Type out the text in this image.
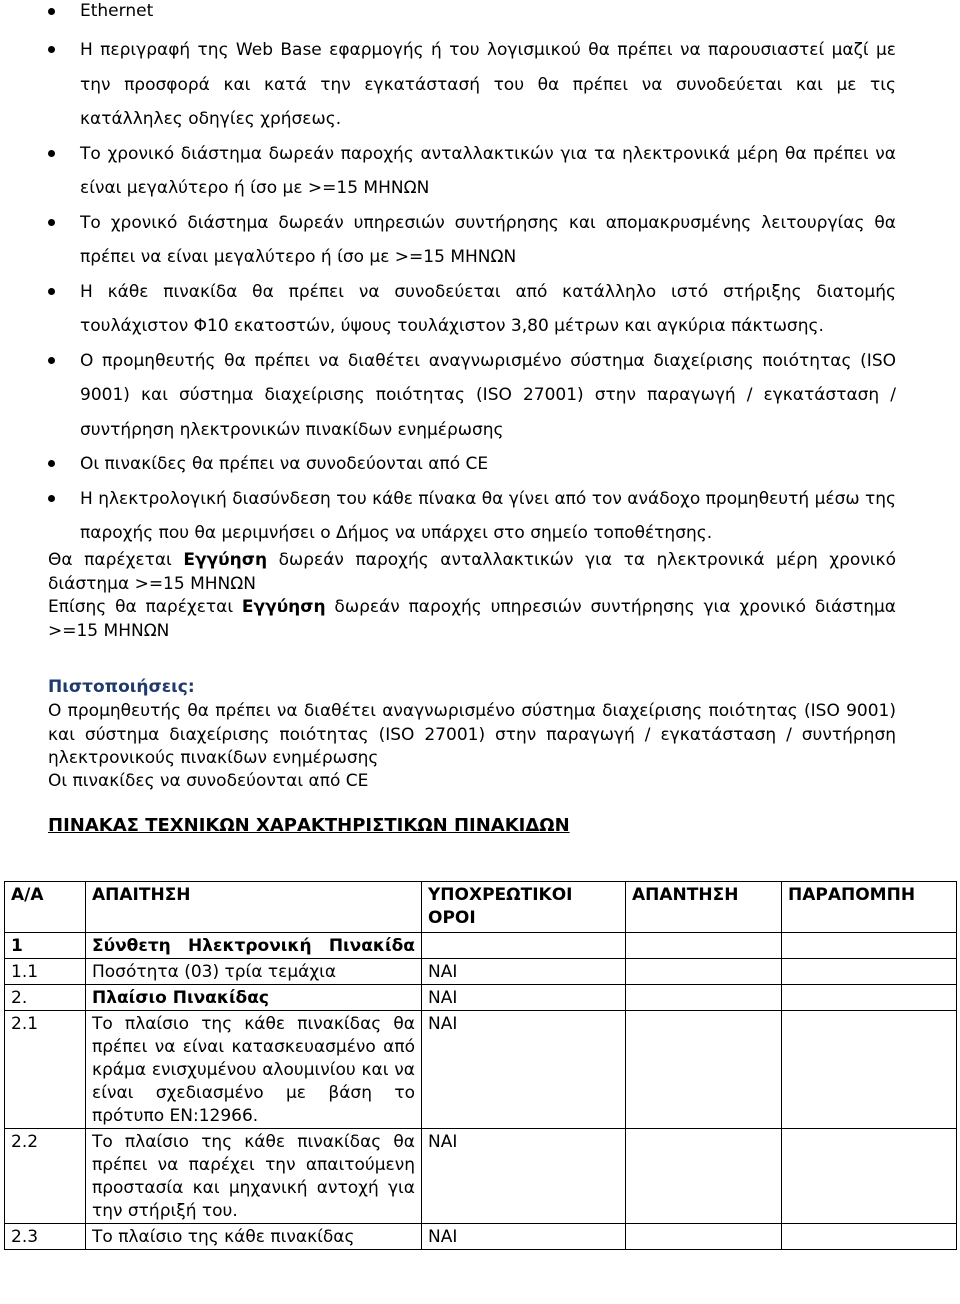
Ethernet
Η περιγραφή της Web Base εφαρμογής ή του λογισμικού θα πρέπει να παρουσιαστεί μαζί με την προσφορά και κατά την εγκατάστασή του θα πρέπει να συνοδεύεται και με τις κατάλληλες οδηγίες χρήσεως.
Το χρονικό διάστημα δωρεάν παροχής ανταλλακτικών για τα ηλεκτρονικά μέρη θα πρέπει να είναι μεγαλύτερο ή ίσο με >=15 ΜΗΝΩΝ
Το χρονικό διάστημα δωρεάν υπηρεσιών συντήρησης και απομακρυσμένης λειτουργίας θα πρέπει να είναι μεγαλύτερο ή ίσο με >=15 ΜΗΝΩΝ
Η κάθε πινακίδα θα πρέπει να συνοδεύεται από κατάλληλο ιστό στήριξης διατομής τουλάχιστον Φ10 εκατοστών, ύψους τουλάχιστον 3,80 μέτρων και αγκύρια πάκτωσης.
Ο προμηθευτής θα πρέπει να διαθέτει αναγνωρισμένο σύστημα διαχείρισης ποιότητας (ISO 9001) και σύστημα διαχείρισης ποιότητας (ISO 27001) στην παραγωγή / εγκατάσταση / συντήρηση ηλεκτρονικών πινακίδων ενημέρωσης
Οι πινακίδες θα πρέπει να συνοδεύονται από CE
Η ηλεκτρολογική διασύνδεση του κάθε πίνακα θα γίνει από τον ανάδοχο προμηθευτή μέσω της παροχής που θα μεριμνήσει ο Δήμος να υπάρχει στο σημείο τοποθέτησης.
Θα παρέχεται Εγγύηση δωρεάν παροχής ανταλλακτικών για τα ηλεκτρονικά μέρη χρονικό διάστημα >=15 ΜΗΝΩΝ
Επίσης θα παρέχεται Εγγύηση δωρεάν παροχής υπηρεσιών συντήρησης για χρονικό διάστημα >=15 ΜΗΝΩΝ
Πιστοποιήσεις:
Ο προμηθευτής θα πρέπει να διαθέτει αναγνωρισμένο σύστημα διαχείρισης ποιότητας (ISO 9001) και σύστημα διαχείρισης ποιότητας (ISO 27001) στην παραγωγή / εγκατάσταση / συντήρηση ηλεκτρονικούς πινακίδων ενημέρωσης
Οι πινακίδες να συνοδεύονται από CE
ΠΙΝΑΚΑΣ ΤΕΧΝΙΚΩΝ ΧΑΡΑΚΤΗΡΙΣΤΙΚΩΝ ΠΙΝΑΚΙΔΩΝ
Α/Α	ΑΠΑΙΤΗΣΗ	ΥΠΟΧΡΕΩΤΙΚΟΙ ΟΡΟΙ	ΑΠΑΝΤΗΣΗ	ΠΑΡΑΠΟΜΠΗ
1	Σύνθετη Ηλεκτρονική Πινακίδα			
1.1	Ποσότητα (03) τρία τεμάχια	ΝΑΙ		
2.	Πλαίσιο Πινακίδας	ΝΑΙ		
2.1	Το πλαίσιο της κάθε πινακίδας θα πρέπει να είναι κατασκευασμένο από κράμα ενισχυμένου αλουμινίου και να είναι σχεδιασμένο με βάση το πρότυπο EN:12966.	ΝΑΙ		
2.2	Το πλαίσιο της κάθε πινακίδας θα πρέπει να παρέχει την απαιτούμενη προστασία και μηχανική αντοχή για την στήριξή του.	ΝΑΙ		
2.3	Το πλαίσιο της κάθε πινακίδας	ΝΑΙ		
